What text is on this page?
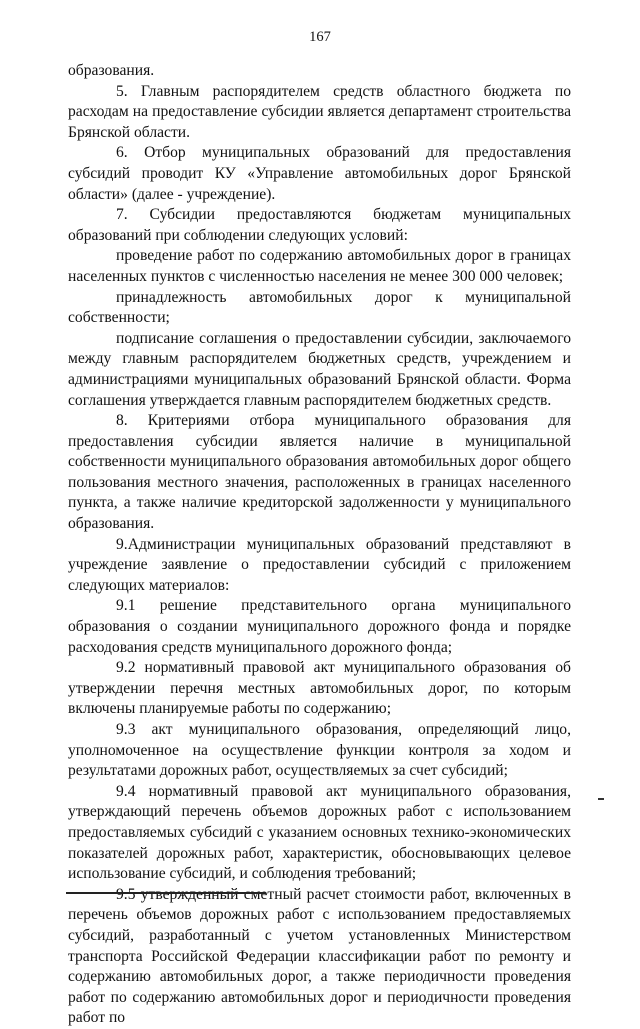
167

образования.

5. Главным распорядителем средств областного бюджета по расходам на предоставление субсидии является департамент строительства Брянской области.

6. Отбор муниципальных образований для предоставления субсидий проводит КУ «Управление автомобильных дорог Брянской области» (далее - учреждение).

7. Субсидии предоставляются бюджетам муниципальных образований при соблюдении следующих условий:

проведение работ по содержанию автомобильных дорог в границах населенных пунктов с численностью населения не менее 300 000 человек;

принадлежность автомобильных дорог к муниципальной собственности;

подписание соглашения о предоставлении субсидии, заключаемого между главным распорядителем бюджетных средств, учреждением и администрациями муниципальных образований Брянской области. Форма соглашения утверждается главным распорядителем бюджетных средств.

8. Критериями отбора муниципального образования для предоставления субсидии является наличие в муниципальной собственности муниципального образования автомобильных дорог общего пользования местного значения, расположенных в границах населенного пункта, а также наличие кредиторской задолженности у муниципального образования.

9.Администрации муниципальных образований представляют в учреждение заявление о предоставлении субсидий с приложением следующих материалов:

9.1 решение представительного органа муниципального образования о создании муниципального дорожного фонда и порядке расходования средств муниципального дорожного фонда;

9.2 нормативный правовой акт муниципального образования об утверждении перечня местных автомобильных дорог, по которым включены планируемые работы по содержанию;

9.3 акт муниципального образования, определяющий лицо, уполномоченное на осуществление функции контроля за ходом и результатами дорожных работ, осуществляемых за счет субсидий;

9.4 нормативный правовой акт муниципального образования, утверждающий перечень объемов дорожных работ с использованием предоставляемых субсидий с указанием основных технико-экономических показателей дорожных работ, характеристик, обосновывающих целевое использование субсидий, и соблюдения требований;

9.5 утвержденный сметный расчет стоимости работ, включенных в перечень объемов дорожных работ с использованием предоставляемых субсидий, разработанный с учетом установленных Министерством транспорта Российской Федерации классификации работ по ремонту и содержанию автомобильных дорог, а также периодичности проведения работ по содержанию автомобильных дорог и периодичности проведения работ по
